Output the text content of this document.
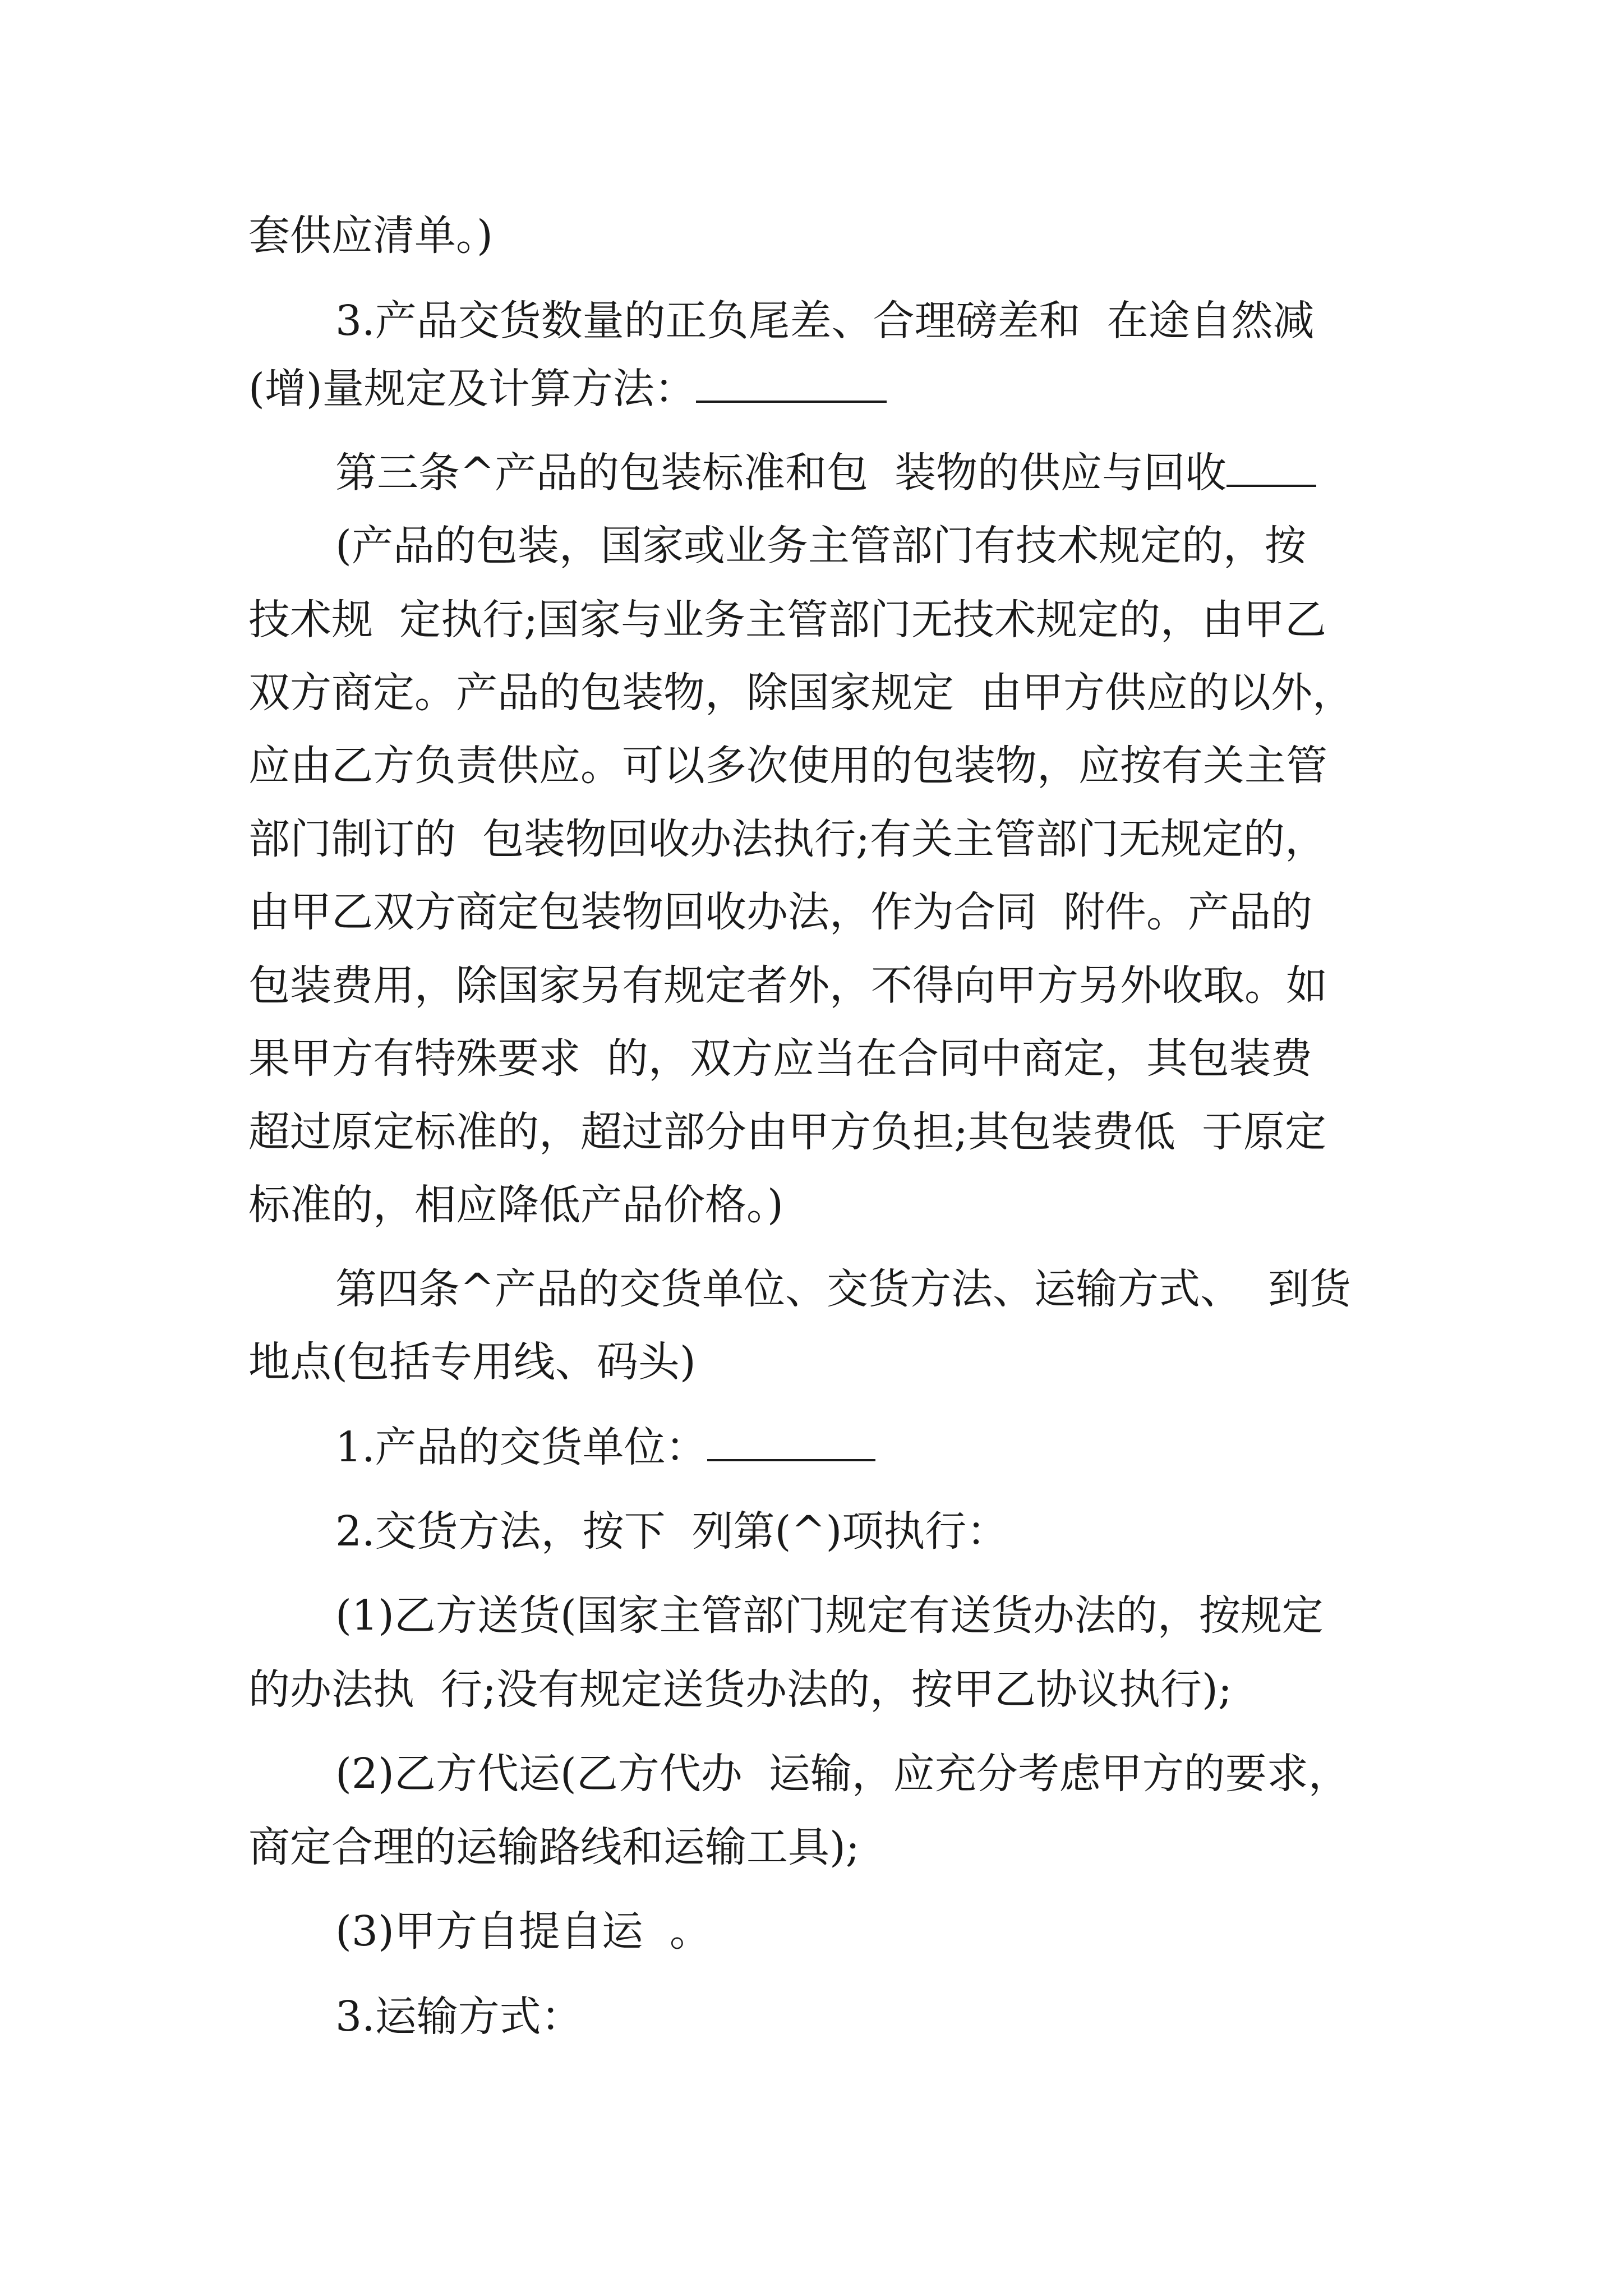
套供应清单。)

3.产品交货数量的正负尾差、合理磅差和  在途自然减

(增)量规定及计算方法：

第三条^产品的包装标准和包  装物的供应与回收

(产品的包装，国家或业务主管部门有技术规定的，按

技术规  定执行;国家与业务主管部门无技术规定的，由甲乙

双方商定。产品的包装物，除国家规定  由甲方供应的以外，

应由乙方负责供应。可以多次使用的包装物，应按有关主管

部门制订的  包装物回收办法执行;有关主管部门无规定的，

由甲乙双方商定包装物回收办法，作为合同  附件。产品的

包装费用，除国家另有规定者外，不得向甲方另外收取。如

果甲方有特殊要求  的，双方应当在合同中商定，其包装费

超过原定标准的，超过部分由甲方负担;其包装费低  于原定

标准的，相应降低产品价格。)

第四条^产品的交货单位、交货方法、运输方式、  到货

地点(包括专用线、码头)

1.产品的交货单位：

2.交货方法，按下  列第(^)项执行：

(1)乙方送货(国家主管部门规定有送货办法的，按规定

的办法执  行;没有规定送货办法的，按甲乙协议执行);

(2)乙方代运(乙方代办  运输，应充分考虑甲方的要求，

商定合理的运输路线和运输工具);

(3)甲方自提自运  。

3.运输方式：
